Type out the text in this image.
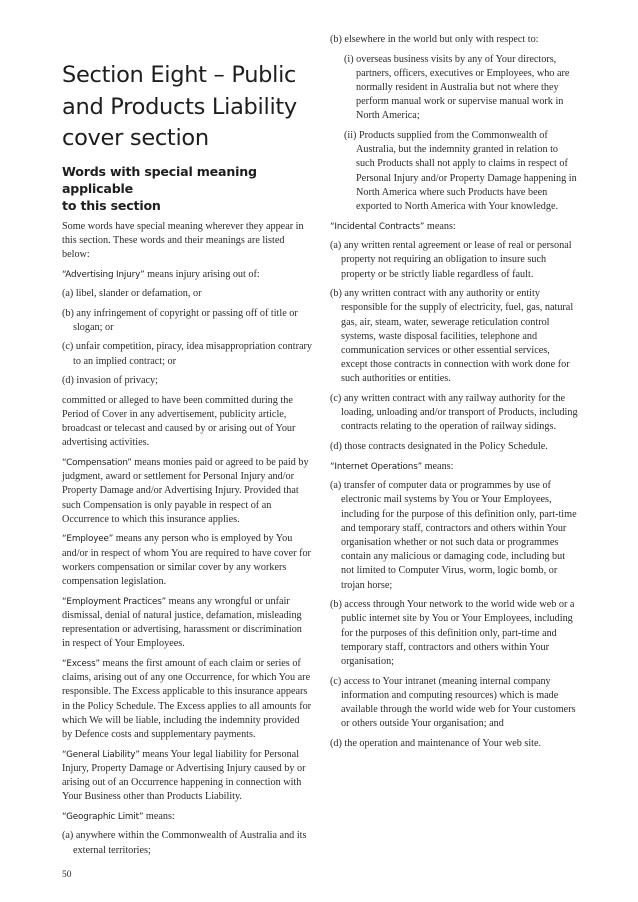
Section Eight – Public
and Products Liability
cover section
Words with special meaning applicable
to this section

Some words have special meaning wherever they appear in this section. These words and their meanings are listed below:

“Advertising Injury” means injury arising out of:

(a) libel, slander or defamation, or
(b) any infringement of copyright or passing off of title or slogan; or
(c) unfair competition, piracy, idea misappropriation contrary to an implied contract; or
(d) invasion of privacy;

committed or alleged to have been committed during the Period of Cover in any advertisement, publicity article, broadcast or telecast and caused by or arising out of Your advertising activities.

“Compensation” means monies paid or agreed to be paid by judgment, award or settlement for Personal Injury and/or Property Damage and/or Advertising Injury. Provided that such Compensation is only payable in respect of an Occurrence to which this insurance applies.

“Employee” means any person who is employed by You and/or in respect of whom You are required to have cover for workers compensation or similar cover by any workers compensation legislation.

“Employment Practices” means any wrongful or unfair dismissal, denial of natural justice, defamation, misleading representation or advertising, harassment or discrimination in respect of Your Employees.

“Excess” means the first amount of each claim or series of claims, arising out of any one Occurrence, for which You are responsible. The Excess applicable to this insurance appears in the Policy Schedule. The Excess applies to all amounts for which We will be liable, including the indemnity provided by Defence costs and supplementary payments.

“General Liability” means Your legal liability for Personal Injury, Property Damage or Advertising Injury caused by or arising out of an Occurrence happening in connection with Your Business other than Products Liability.

“Geographic Limit” means:

(a) anywhere within the Commonwealth of Australia and its external territories;
(b) elsewhere in the world but only with respect to:
(i) overseas business visits by any of Your directors, partners, officers, executives or Employees, who are normally resident in Australia but not where they perform manual work or supervise manual work in North America;
(ii) Products supplied from the Commonwealth of Australia, but the indemnity granted in relation to such Products shall not apply to claims in respect of Personal Injury and/or Property Damage happening in North America where such Products have been exported to North America with Your knowledge.

“Incidental Contracts” means:

(a) any written rental agreement or lease of real or personal property not requiring an obligation to insure such property or be strictly liable regardless of fault.
(b) any written contract with any authority or entity responsible for the supply of electricity, fuel, gas, natural gas, air, steam, water, sewerage reticulation control systems, waste disposal facilities, telephone and communication services or other essential services, except those contracts in connection with work done for such authorities or entities.
(c) any written contract with any railway authority for the loading, unloading and/or transport of Products, including contracts relating to the operation of railway sidings.
(d) those contracts designated in the Policy Schedule.

“Internet Operations” means:

(a) transfer of computer data or programmes by use of electronic mail systems by You or Your Employees, including for the purpose of this definition only, part-time and temporary staff, contractors and others within Your organisation whether or not such data or programmes contain any malicious or damaging code, including but not limited to Computer Virus, worm, logic bomb, or trojan horse;
(b) access through Your network to the world wide web or a public internet site by You or Your Employees, including for the purposes of this definition only, part-time and temporary staff, contractors and others within Your organisation;
(c) access to Your intranet (meaning internal company information and computing resources) which is made available through the world wide web for Your customers or others outside Your organisation; and
(d) the operation and maintenance of Your web site.
50
